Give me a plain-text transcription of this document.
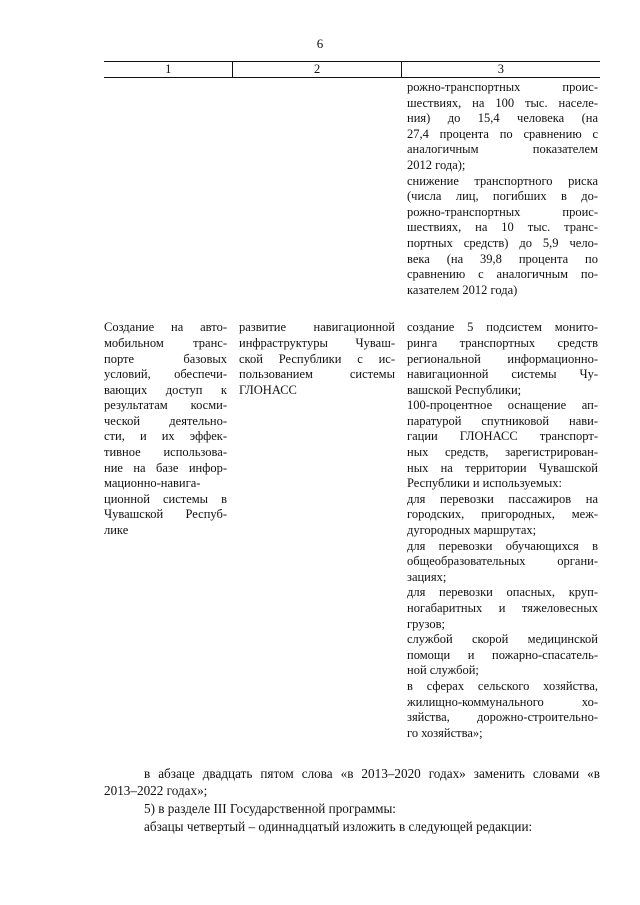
6
1	2	3
рожно-транспортных проис-
шествиях, на 100 тыс. населе-
ния) до 15,4 человека (на
27,4 процента по сравнению с
аналогичным показателем
2012 года);
снижение транспортного риска
(числа лиц, погибших в до-
рожно-транспортных проис-
шествиях, на 10 тыс. транс-
портных средств) до 5,9 чело-
века (на 39,8 процента по
сравнению с аналогичным по-
казателем 2012 года)
Создание на авто-
мобильном транс-
порте базовых
условий, обеспечи-
вающих доступ к
результатам косми-
ческой деятельно-
сти, и их эффек-
тивное использова-
ние на базе инфор-
мационно-навига-
ционной системы в
Чувашской Респуб-
лике
развитие навигационной
инфраструктуры Чуваш-
ской Республики с ис-
пользованием системы
ГЛОНАСС
создание 5 подсистем монито-
ринга транспортных средств
региональной информационно-
навигационной системы Чу-
вашской Республики;
100-процентное оснащение ап-
паратурой спутниковой нави-
гации ГЛОНАСС транспорт-
ных средств, зарегистрирован-
ных на территории Чувашской
Республики и используемых:
для перевозки пассажиров на
городских, пригородных, меж-
дугородных маршрутах;
для перевозки обучающихся в
общеобразовательных органи-
зациях;
для перевозки опасных, круп-
ногабаритных и тяжеловесных
грузов;
службой скорой медицинской
помощи и пожарно-спасатель-
ной службой;
в сферах сельского хозяйства,
жилищно-коммунального хо-
зяйства, дорожно-строительно-
го хозяйства»;
в абзаце двадцать пятом слова «в 2013–2020 годах» заменить словами «в
2013–2022 годах»;
5) в разделе III Государственной программы:
абзацы четвертый – одиннадцатый изложить в следующей редакции:
